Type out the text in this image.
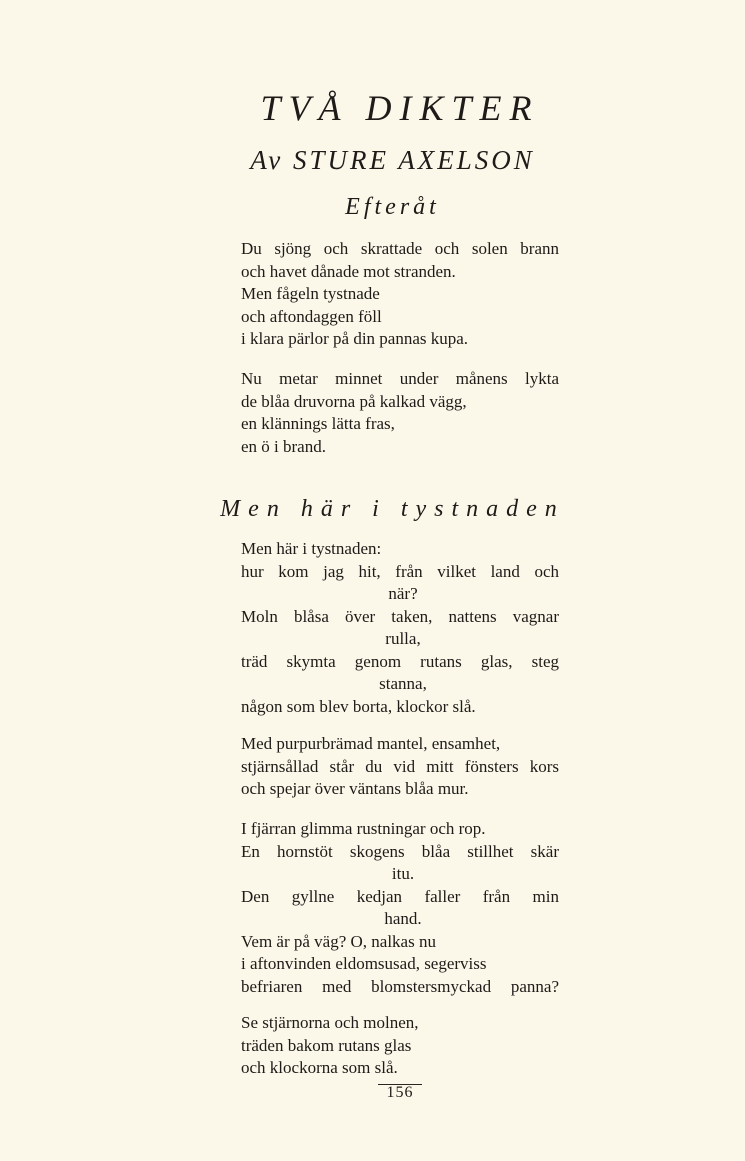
TVÅ DIKTER
Av STURE AXELSON
Efteråt
Du sjöng och skrattade och solen brann
och havet dånade mot stranden.
Men fågeln tystnade
och aftondaggen föll
i klara pärlor på din pannas kupa.
Nu metar minnet under månens lykta
de blåa druvorna på kalkad vägg,
en klännings lätta fras,
en ö i brand.
Men här i tystnaden
Men här i tystnaden:
hur kom jag hit, från vilket land och
när?
Moln blåsa över taken, nattens vagnar
rulla,
träd skymta genom rutans glas, steg
stanna,
någon som blev borta, klockor slå.
Med purpurbrämad mantel, ensamhet,
stjärnsållad står du vid mitt fönsters kors
och spejar över väntans blåa mur.
I fjärran glimma rustningar och rop.
En hornstöt skogens blåa stillhet skär
itu.
Den gyllne kedjan faller från min
hand.
Vem är på väg? O, nalkas nu
i aftonvinden eldomsusad, segerviss
befriaren med blomstersmyckad panna?
Se stjärnorna och molnen,
träden bakom rutans glas
och klockorna som slå.
156
